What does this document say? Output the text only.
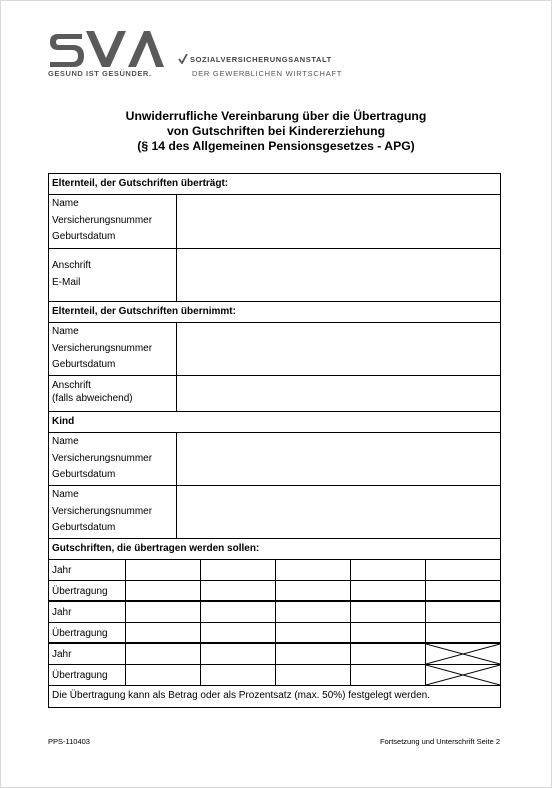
GESUND IST GESÜNDER.
SOZIALVERSICHERUNGSANSTALT
DER GEWERBLICHEN WIRTSCHAFT
Unwiderrufliche Vereinbarung über die Übertragung
von Gutschriften bei Kindererziehung
(§ 14 des Allgemeinen Pensionsgesetzes - APG)
Elternteil, der Gutschriften überträgt:
Name
Versicherungsnummer
Geburtsdatum
Anschrift
E-Mail
Elternteil, der Gutschriften übernimmt:
Name
Versicherungsnummer
Geburtsdatum
Anschrift
(falls abweichend)
Kind
Name
Versicherungsnummer
Geburtsdatum
Name
Versicherungsnummer
Geburtsdatum
Gutschriften, die übertragen werden sollen:
Jahr
Übertragung
Jahr
Übertragung
Jahr
Übertragung
Die Übertragung kann als Betrag oder als Prozentsatz (max. 50%) festgelegt werden.
PPS-110403	Fortsetzung und Unterschrift Seite 2
